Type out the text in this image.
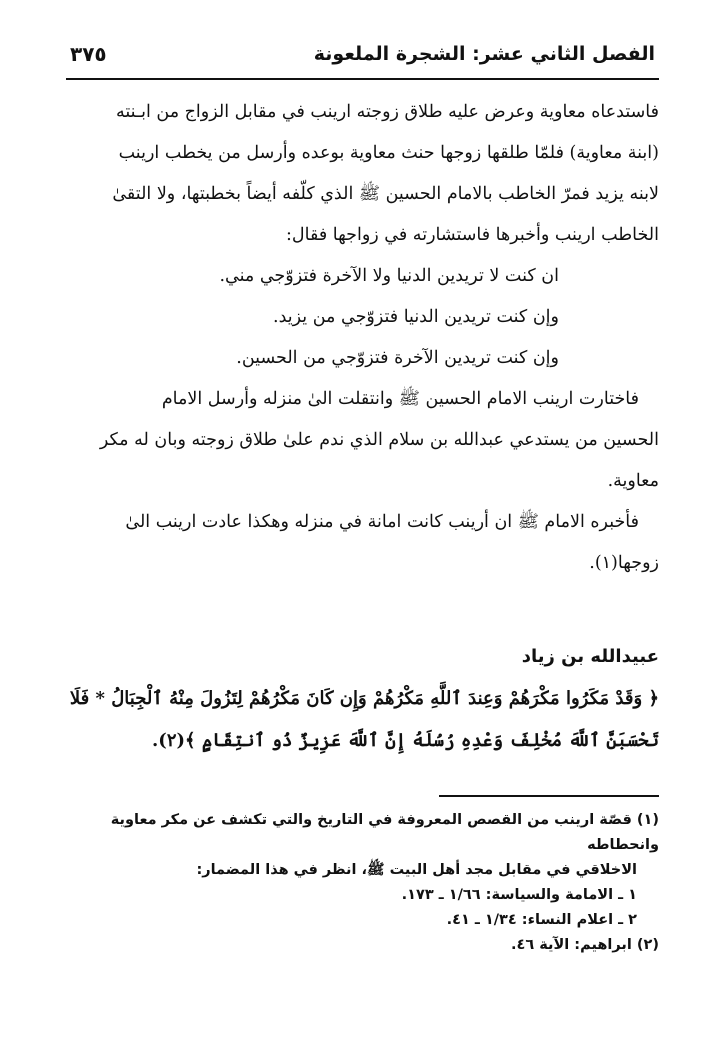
الفصل الثاني عشر: الشجرة الملعونة
٣٧٥

فاستدعاه معاوية وعرض عليه طلاق زوجته ارينب في مقابل الزواج من ابـنته

(ابنة معاوية) فلمّا طلقها زوجها حنث معاوية بوعده وأرسل من يخطب ارينب

لابنه يزيد فمرّ الخاطب بالامام الحسين ﷺ الذي كلّفه أيضاً بخطبتها، ولا التقىٰ

الخاطب ارينب وأخبرها فاستشارته في زواجها فقال:

ان كنت لا تريدين الدنيا ولا الآخرة فتزوّجي مني.

وإن كنت تريدين الدنيا فتزوّجي من يزيد.

وإن كنت تريدين الآخرة فتزوّجي من الحسين.

فاختارت ارينب الامام الحسين ﷺ وانتقلت الىٰ منزله وأرسل الامام

الحسين من يستدعي عبدالله بن سلام الذي ندم علىٰ طلاق زوجته وبان له مكر

معاوية.

فأخبره الامام ﷺ ان أرينب كانت امانة في منزله وهكذا عادت ارينب الىٰ

زوجها(١).

عبيدالله بن زياد

﴿ وَقَدْ مَكَرُوا مَكْرَهُمْ وَعِندَ ٱللَّهِ مَكْرُهُمْ وَإِن كَانَ مَكْرُهُمْ لِتَزُولَ مِنْهُ ٱلْجِبَالُ * فَلَا

تَحْسَبَنَّ ٱللَّهَ مُخْلِفَ وَعْدِهِ رُسُلَهُ إِنَّ ٱللَّهَ عَزِيزٌ ذُو ٱنتِقَامٍ ﴾(٢).

(١) قصّة ارينب من القصص المعروفة في التاريخ والتي تكشف عن مكر معاوية وانحطاطه

الاخلاقي في مقابل مجد أهل البيت ﷺ، انظر في هذا المضمار:

١ ـ الامامة والسياسة: ١/٦٦ ـ ١٧٣.

٢ ـ اعلام النساء: ١/٣٤ ـ ٤١.

(٢) ابراهيم: الآية ٤٦.
